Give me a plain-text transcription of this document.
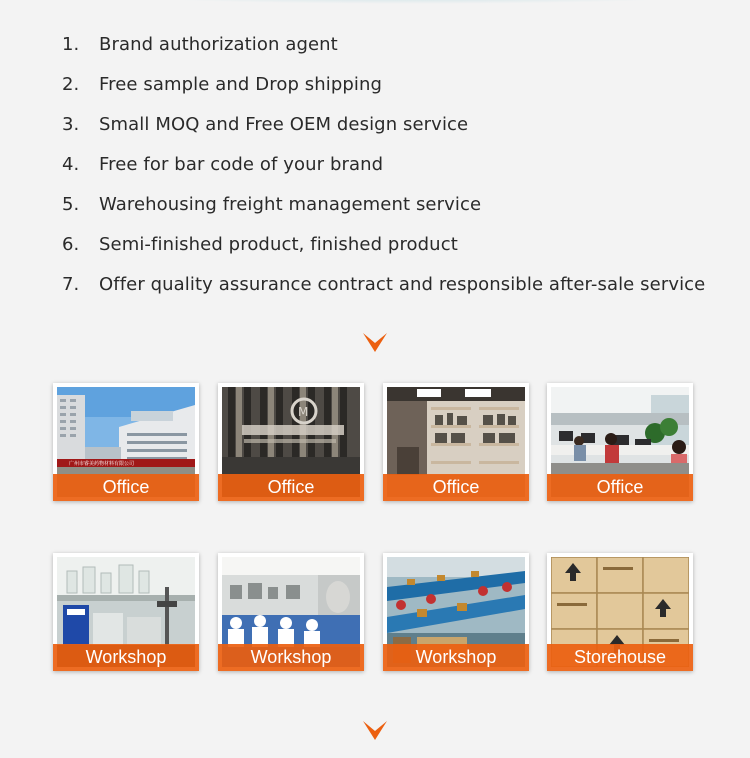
1. Brand authorization agent
2. Free sample and Drop shipping
3. Small MOQ and Free OEM design service
4. Free for bar code of your brand
5. Warehousing freight management service
6. Semi-finished product, finished product
7. Offer quality assurance contract and responsible after-sale service
广州市睿美药物材料有限公司
Office
M
Office	Office	Office
Workshop	Workshop	Workshop	Storehouse
